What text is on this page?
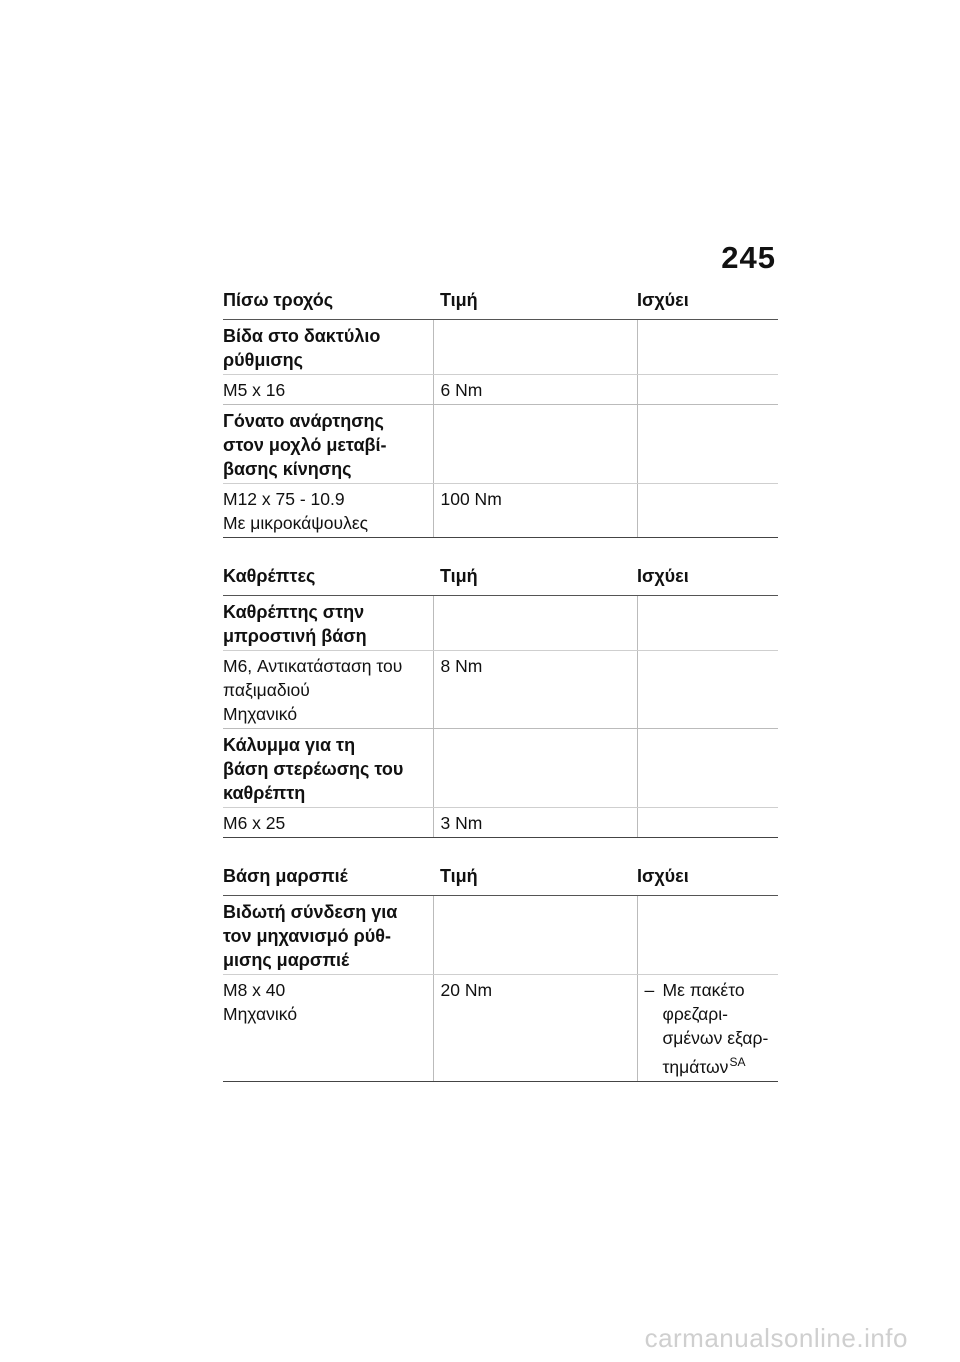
245
Πίσω τροχός	Τιμή	Ισχύει

Βίδα στο δακτύλιο
ρύθμισης		

M5 x 16	6 Nm	

Γόνατο ανάρτησης
στον μοχλό μεταβί-
βασης κίνησης		

M12 x 75 - 10.9
Με μικροκάψουλες	100 Nm	
Καθρέπτες	Τιμή	Ισχύει

Καθρέπτης στην
μπροστινή βάση		

M6, Αντικατάσταση του
παξιμαδιού
Μηχανικό	8 Nm	

Κάλυμμα για τη
βάση στερέωσης του
καθρέπτη		

M6 x 25	3 Nm	
Βάση μαρσπιέ	Τιμή	Ισχύει

Βιδωτή σύνδεση για
τον μηχανισμό ρύθ-
μισης μαρσπιέ		

M8 x 40
Μηχανικό	20 Nm	– Με πακέτο
φρεζαρι-
σμένων εξαρ-
τημάτων$^{SA}$
carmanualsonline.info
